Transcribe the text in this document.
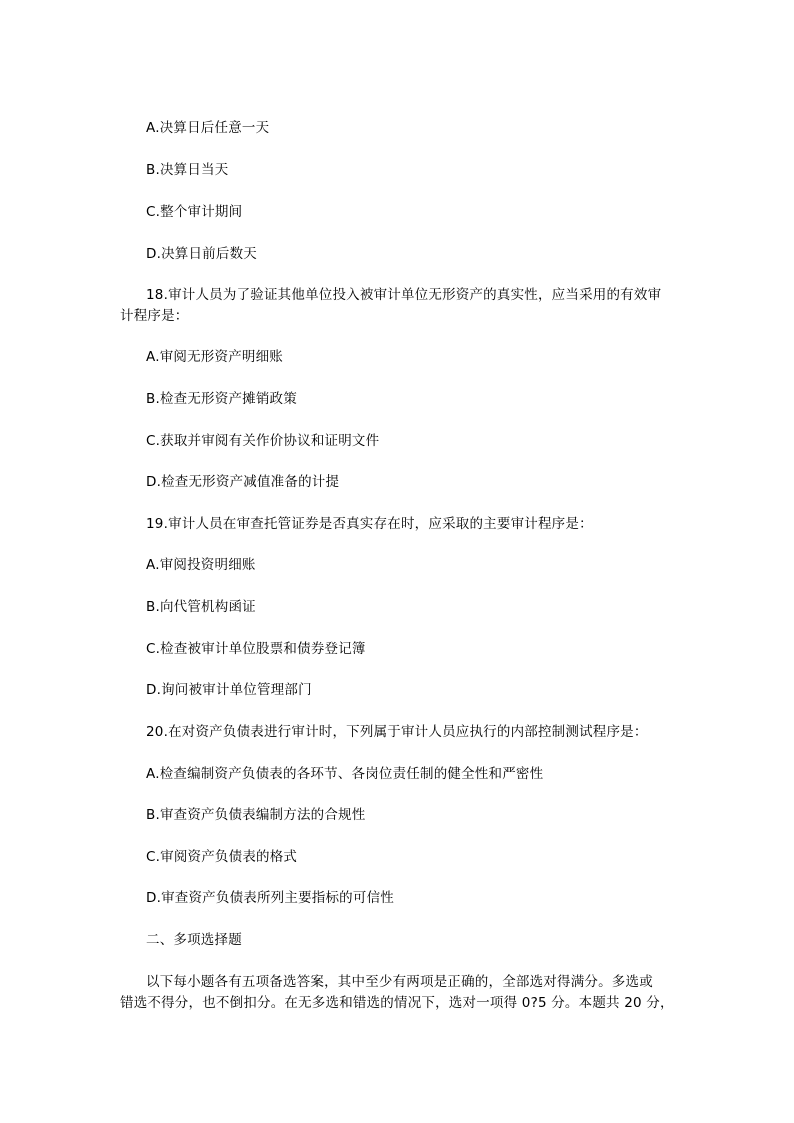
A.决算日后任意一天
B.决算日当天
C.整个审计期间
D.决算日前后数天
18.审计人员为了验证其他单位投入被审计单位无形资产的真实性，应当采用的有效审
计程序是：
A.审阅无形资产明细账
B.检查无形资产摊销政策
C.获取并审阅有关作价协议和证明文件
D.检查无形资产减值准备的计提
19.审计人员在审查托管证券是否真实存在时，应采取的主要审计程序是：
A.审阅投资明细账
B.向代管机构函证
C.检查被审计单位股票和债券登记簿
D.询问被审计单位管理部门
20.在对资产负债表进行审计时，下列属于审计人员应执行的内部控制测试程序是：
A.检查编制资产负债表的各环节、各岗位责任制的健全性和严密性
B.审查资产负债表编制方法的合规性
C.审阅资产负债表的格式
D.审查资产负债表所列主要指标的可信性
二、多项选择题
以下每小题各有五项备选答案，其中至少有两项是正确的，全部选对得满分。多选或
错选不得分，也不倒扣分。在无多选和错选的情况下，选对一项得 0?5 分。本题共 20 分，
